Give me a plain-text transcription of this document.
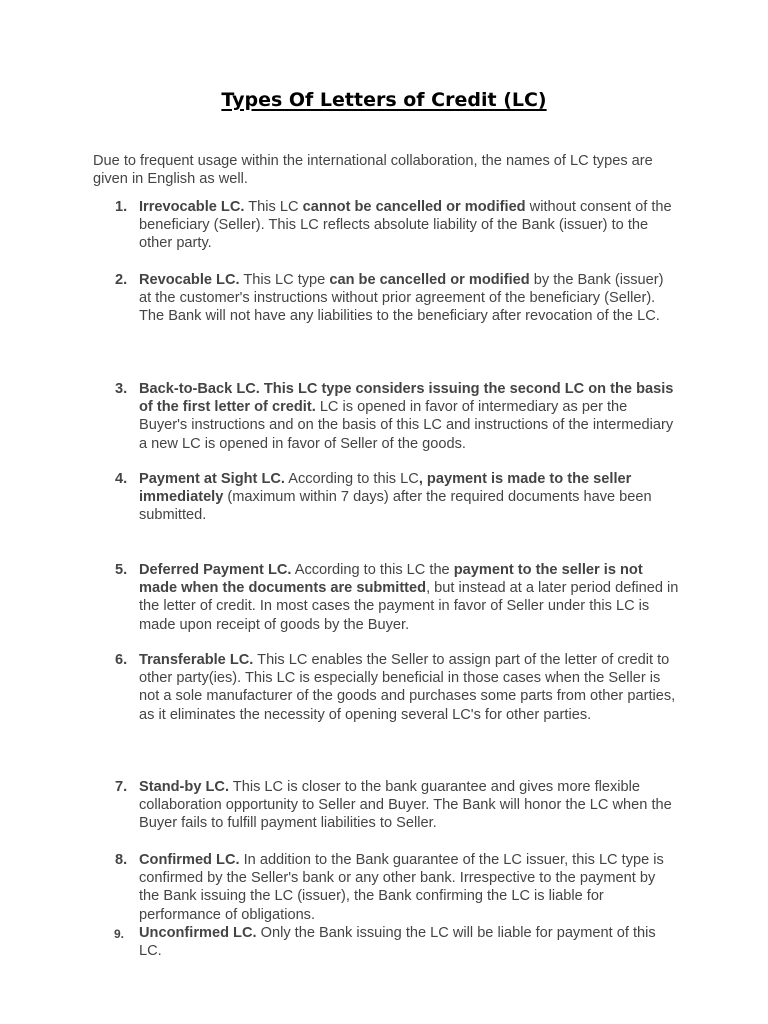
Types Of Letters of Credit (LC)

Due to frequent usage within the international collaboration, the names of LC types are given in English as well.

1. Irrevocable LC. This LC cannot be cancelled or modified without consent of the beneficiary (Seller). This LC reflects absolute liability of the Bank (issuer) to the other party.
2. Revocable LC. This LC type can be cancelled or modified by the Bank (issuer) at the customer's instructions without prior agreement of the beneficiary (Seller). The Bank will not have any liabilities to the beneficiary after revocation of the LC.
3. Back-to-Back LC. This LC type considers issuing the second LC on the basis of the first letter of credit. LC is opened in favor of intermediary as per the Buyer's instructions and on the basis of this LC and instructions of the intermediary a new LC is opened in favor of Seller of the goods.
4. Payment at Sight LC. According to this LC, payment is made to the seller immediately (maximum within 7 days) after the required documents have been submitted.
5. Deferred Payment LC. According to this LC the payment to the seller is not made when the documents are submitted, but instead at a later period defined in the letter of credit. In most cases the payment in favor of Seller under this LC is made upon receipt of goods by the Buyer.
6. Transferable LC. This LC enables the Seller to assign part of the letter of credit to other party(ies). This LC is especially beneficial in those cases when the Seller is not a sole manufacturer of the goods and purchases some parts from other parties, as it eliminates the necessity of opening several LC's for other parties.
7. Stand-by LC. This LC is closer to the bank guarantee and gives more flexible collaboration opportunity to Seller and Buyer. The Bank will honor the LC when the Buyer fails to fulfill payment liabilities to Seller.
8. Confirmed LC. In addition to the Bank guarantee of the LC issuer, this LC type is confirmed by the Seller's bank or any other bank. Irrespective to the payment by the Bank issuing the LC (issuer), the Bank confirming the LC is liable for performance of obligations.
9. Unconfirmed LC. Only the Bank issuing the LC will be liable for payment of this LC.
